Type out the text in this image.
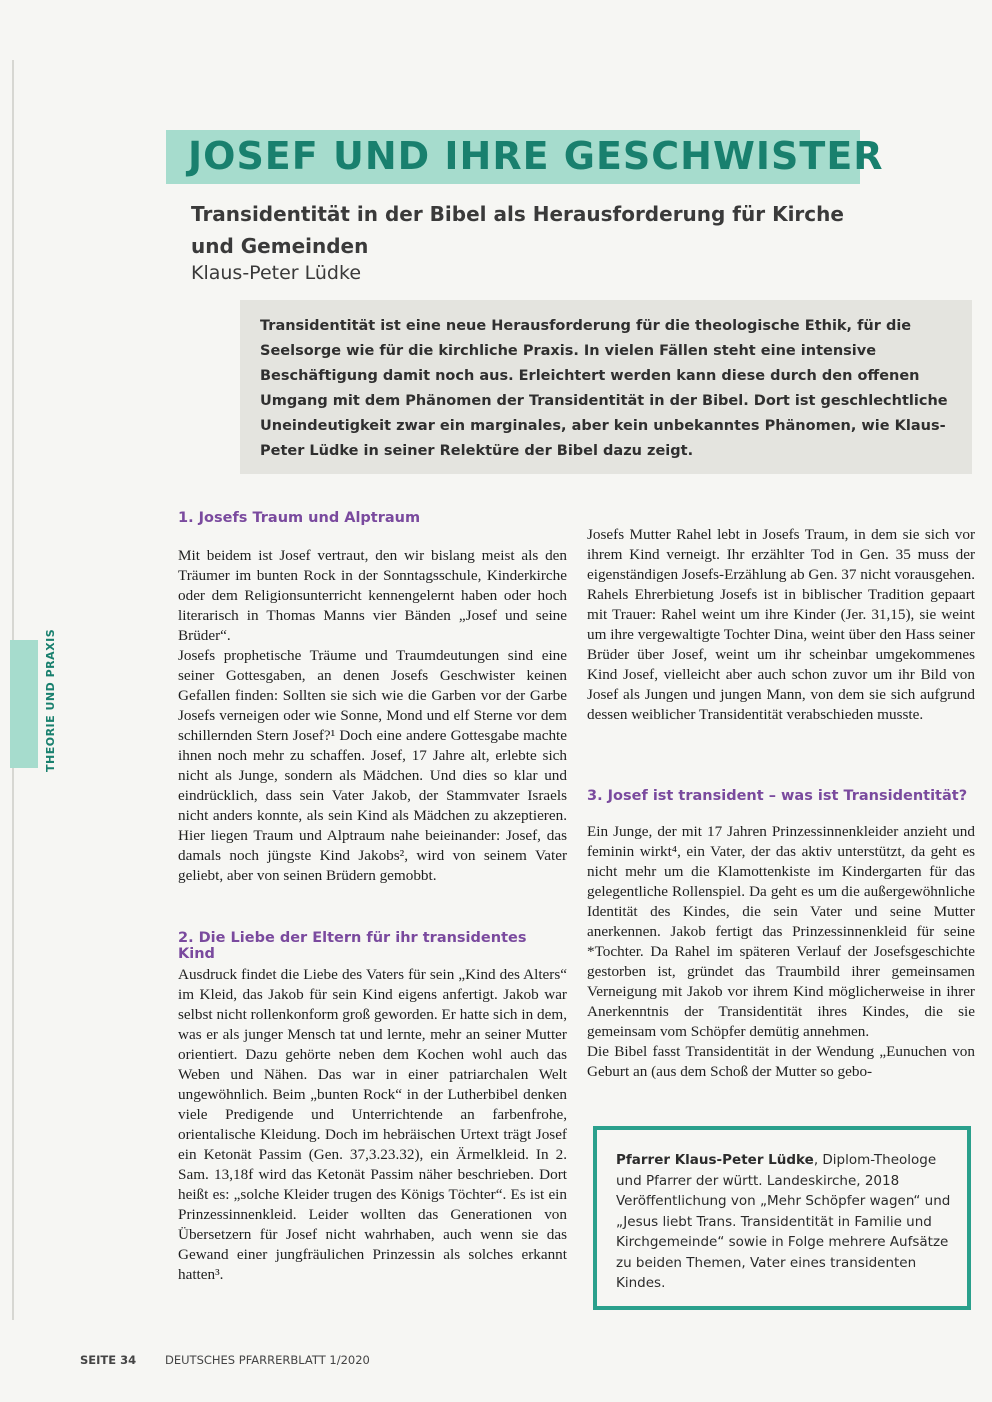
JOSEF UND IHRE GESCHWISTER
Transidentität in der Bibel als Herausforderung für Kirche und Gemeinden

Klaus-Peter Lüdke

Transidentität ist eine neue Herausforderung für die theologische Ethik, für die Seelsorge wie für die kirchliche Praxis. In vielen Fällen steht eine intensive Beschäftigung damit noch aus. Erleichtert werden kann diese durch den offenen Umgang mit dem Phänomen der Transidentität in der Bibel. Dort ist geschlechtliche Uneindeutigkeit zwar ein marginales, aber kein unbekanntes Phänomen, wie Klaus-Peter Lüdke in seiner Relektüre der Bibel dazu zeigt.

THEORIE UND PRAXIS

1. Josefs Traum und Alptraum

Mit beidem ist Josef vertraut, den wir bislang meist als den Träumer im bunten Rock in der Sonntagsschule, Kinderkirche oder dem Religionsunterricht kennengelernt haben oder hoch literarisch in Thomas Manns vier Bänden „Josef und seine Brüder“.

Josefs prophetische Träume und Traumdeutungen sind eine seiner Gottesgaben, an denen Josefs Geschwister keinen Gefallen finden: Sollten sie sich wie die Garben vor der Garbe Josefs verneigen oder wie Sonne, Mond und elf Sterne vor dem schillernden Stern Josef?¹ Doch eine andere Gottesgabe machte ihnen noch mehr zu schaffen. Josef, 17 Jahre alt, erlebte sich nicht als Junge, sondern als Mädchen. Und dies so klar und eindrücklich, dass sein Vater Jakob, der Stammvater Israels nicht anders konnte, als sein Kind als Mädchen zu akzeptieren. Hier liegen Traum und Alptraum nahe beieinander: Josef, das damals noch jüngste Kind Jakobs², wird von seinem Vater geliebt, aber von seinen Brüdern gemobbt.

2. Die Liebe der Eltern für ihr transidentes Kind

Ausdruck findet die Liebe des Vaters für sein „Kind des Alters“ im Kleid, das Jakob für sein Kind eigens anfertigt. Jakob war selbst nicht rollenkonform groß geworden. Er hatte sich in dem, was er als junger Mensch tat und lernte, mehr an seiner Mutter orientiert. Dazu gehörte neben dem Kochen wohl auch das Weben und Nähen. Das war in einer patriarchalen Welt ungewöhnlich. Beim „bunten Rock“ in der Lutherbibel denken viele Predigende und Unterrichtende an farbenfrohe, orientalische Kleidung. Doch im hebräischen Urtext trägt Josef ein Ketonät Passim (Gen. 37,3.23.32), ein Ärmelkleid. In 2. Sam. 13,18f wird das Ketonät Passim näher beschrieben. Dort heißt es: „solche Kleider trugen des Königs Töchter“. Es ist ein Prinzessinnenkleid. Leider wollten das Generationen von Übersetzern für Josef nicht wahrhaben, auch wenn sie das Gewand einer jungfräulichen Prinzessin als solches erkannt hatten³.

Josefs Mutter Rahel lebt in Josefs Traum, in dem sie sich vor ihrem Kind verneigt. Ihr erzählter Tod in Gen. 35 muss der eigenständigen Josefs-Erzählung ab Gen. 37 nicht vorausgehen. Rahels Ehrerbietung Josefs ist in biblischer Tradition gepaart mit Trauer: Rahel weint um ihre Kinder (Jer. 31,15), sie weint um ihre vergewaltigte Tochter Dina, weint über den Hass seiner Brüder über Josef, weint um ihr scheinbar umgekommenes Kind Josef, vielleicht aber auch schon zuvor um ihr Bild von Josef als Jungen und jungen Mann, von dem sie sich aufgrund dessen weiblicher Transidentität verabschieden musste.

3. Josef ist transident – was ist Transidentität?

Ein Junge, der mit 17 Jahren Prinzessinnenkleider anzieht und feminin wirkt⁴, ein Vater, der das aktiv unterstützt, da geht es nicht mehr um die Klamottenkiste im Kindergarten für das gelegentliche Rollenspiel. Da geht es um die außergewöhnliche Identität des Kindes, die sein Vater und seine Mutter anerkennen. Jakob fertigt das Prinzessinnenkleid für seine *Tochter. Da Rahel im späteren Verlauf der Josefsgeschichte gestorben ist, gründet das Traumbild ihrer gemeinsamen Verneigung mit Jakob vor ihrem Kind möglicherweise in ihrer Anerkenntnis der Transidentität ihres Kindes, die sie gemeinsam vom Schöpfer demütig annehmen.

Die Bibel fasst Transidentität in der Wendung „Eunuchen von Geburt an (aus dem Schoß der Mutter so gebo-

Pfarrer Klaus-Peter Lüdke, Diplom-Theologe und Pfarrer der württ. Landeskirche, 2018 Veröffentlichung von „Mehr Schöpfer wagen“ und „Jesus liebt Trans. Transidentität in Familie und Kirchgemeinde“ sowie in Folge mehrere Aufsätze zu beiden Themen, Vater eines transidenten Kindes.

SEITE 34	DEUTSCHES PFARRERBLATT 1/2020
